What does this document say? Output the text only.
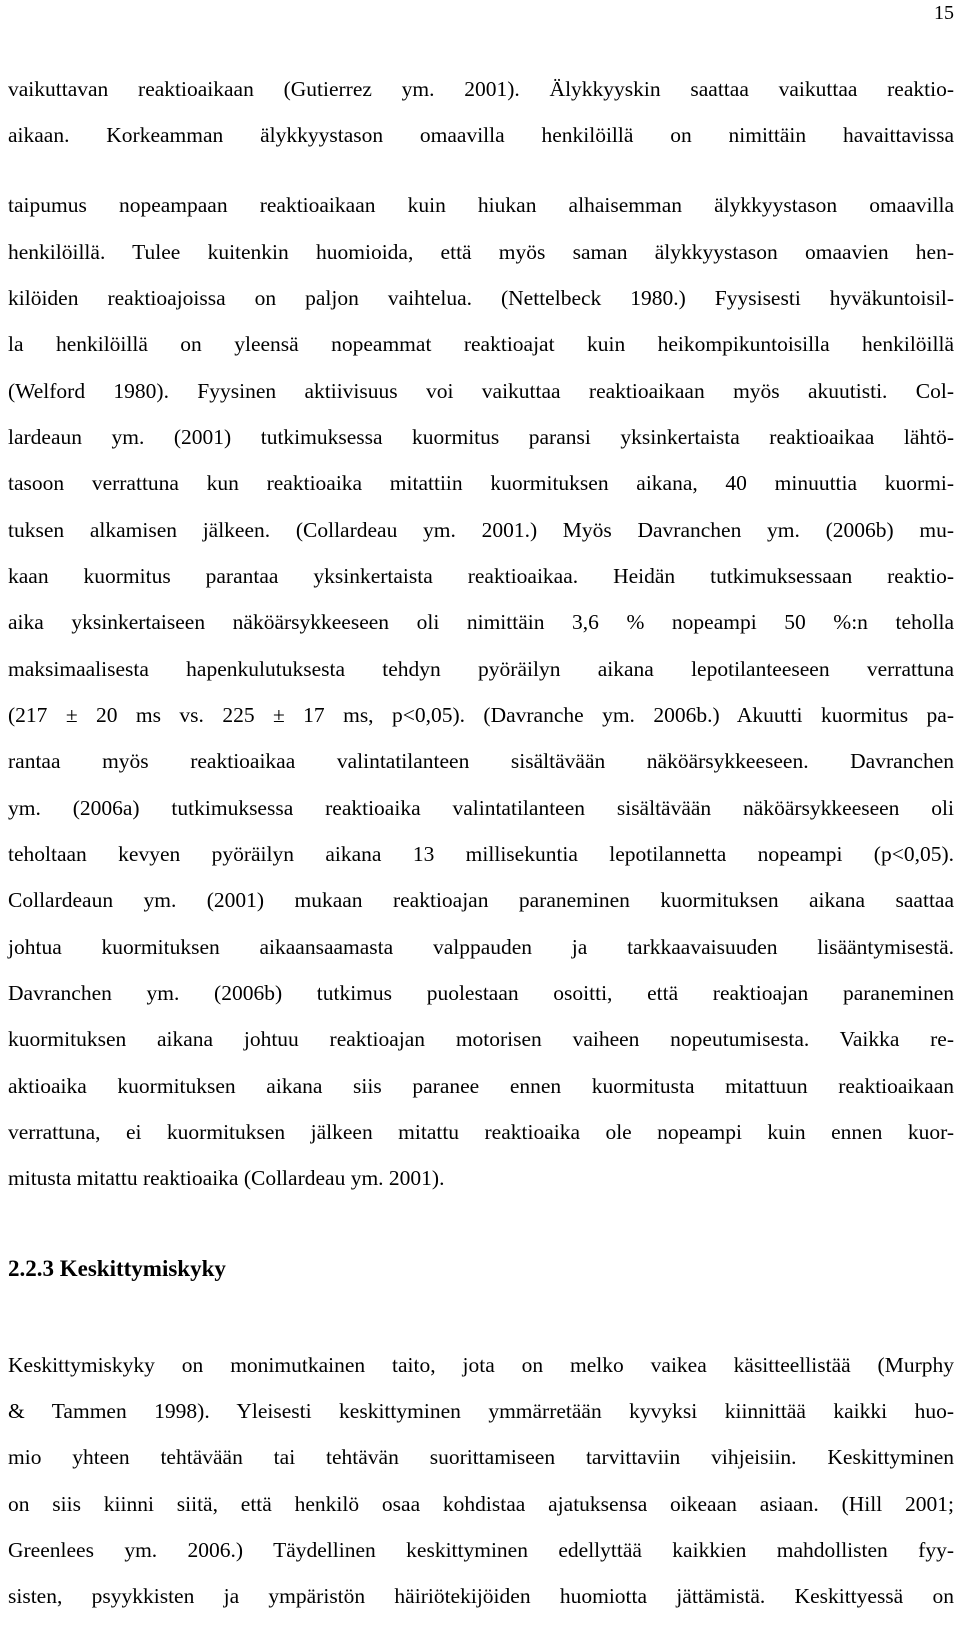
15
vaikuttavan reaktioaikaan (Gutierrez ym. 2001). Älykkyyskin saattaa vaikuttaa reaktio-
aikaan. Korkeamman älykkyystason omaavilla henkilöillä on nimittäin havaittavissa
taipumus nopeampaan reaktioaikaan kuin hiukan alhaisemman älykkyystason omaavilla
henkilöillä. Tulee kuitenkin huomioida, että myös saman älykkyystason omaavien hen-
kilöiden reaktioajoissa on paljon vaihtelua. (Nettelbeck 1980.) Fyysisesti hyväkuntoisil-
la henkilöillä on yleensä nopeammat reaktioajat kuin heikompikuntoisilla henkilöillä
(Welford 1980). Fyysinen aktiivisuus voi vaikuttaa reaktioaikaan myös akuutisti. Col-
lardeaun ym. (2001) tutkimuksessa kuormitus paransi yksinkertaista reaktioaikaa lähtö-
tasoon verrattuna kun reaktioaika mitattiin kuormituksen aikana, 40 minuuttia kuormi-
tuksen alkamisen jälkeen. (Collardeau ym. 2001.) Myös Davranchen ym. (2006b) mu-
kaan kuormitus parantaa yksinkertaista reaktioaikaa. Heidän tutkimuksessaan reaktio-
aika yksinkertaiseen näköärsykkeeseen oli nimittäin 3,6 % nopeampi 50 %:n teholla
maksimaalisesta hapenkulutuksesta tehdyn pyöräilyn aikana lepotilanteeseen verrattuna
(217 ± 20 ms vs. 225 ± 17 ms, p<0,05). (Davranche ym. 2006b.) Akuutti kuormitus pa-
rantaa myös reaktioaikaa valintatilanteen sisältävään näköärsykkeeseen. Davranchen
ym. (2006a) tutkimuksessa reaktioaika valintatilanteen sisältävään näköärsykkeeseen oli
teholtaan kevyen pyöräilyn aikana 13 millisekuntia lepotilannetta nopeampi (p<0,05).
Collardeaun ym. (2001) mukaan reaktioajan paraneminen kuormituksen aikana saattaa
johtua kuormituksen aikaansaamasta valppauden ja tarkkaavaisuuden lisääntymisestä.
Davranchen ym. (2006b) tutkimus puolestaan osoitti, että reaktioajan paraneminen
kuormituksen aikana johtuu reaktioajan motorisen vaiheen nopeutumisesta. Vaikka re-
aktioaika kuormituksen aikana siis paranee ennen kuormitusta mitattuun reaktioaikaan
verrattuna, ei kuormituksen jälkeen mitattu reaktioaika ole nopeampi kuin ennen kuor-
mitusta mitattu reaktioaika (Collardeau ym. 2001).
2.2.3 Keskittymiskyky
Keskittymiskyky on monimutkainen taito, jota on melko vaikea käsitteellistää (Murphy
& Tammen 1998). Yleisesti keskittyminen ymmärretään kyvyksi kiinnittää kaikki huo-
mio yhteen tehtävään tai tehtävän suorittamiseen tarvittaviin vihjeisiin. Keskittyminen
on siis kiinni siitä, että henkilö osaa kohdistaa ajatuksensa oikeaan asiaan. (Hill 2001;
Greenlees ym. 2006.) Täydellinen keskittyminen edellyttää kaikkien mahdollisten fyy-
sisten, psyykkisten ja ympäristön häiriötekijöiden huomiotta jättämistä. Keskittyessä on
